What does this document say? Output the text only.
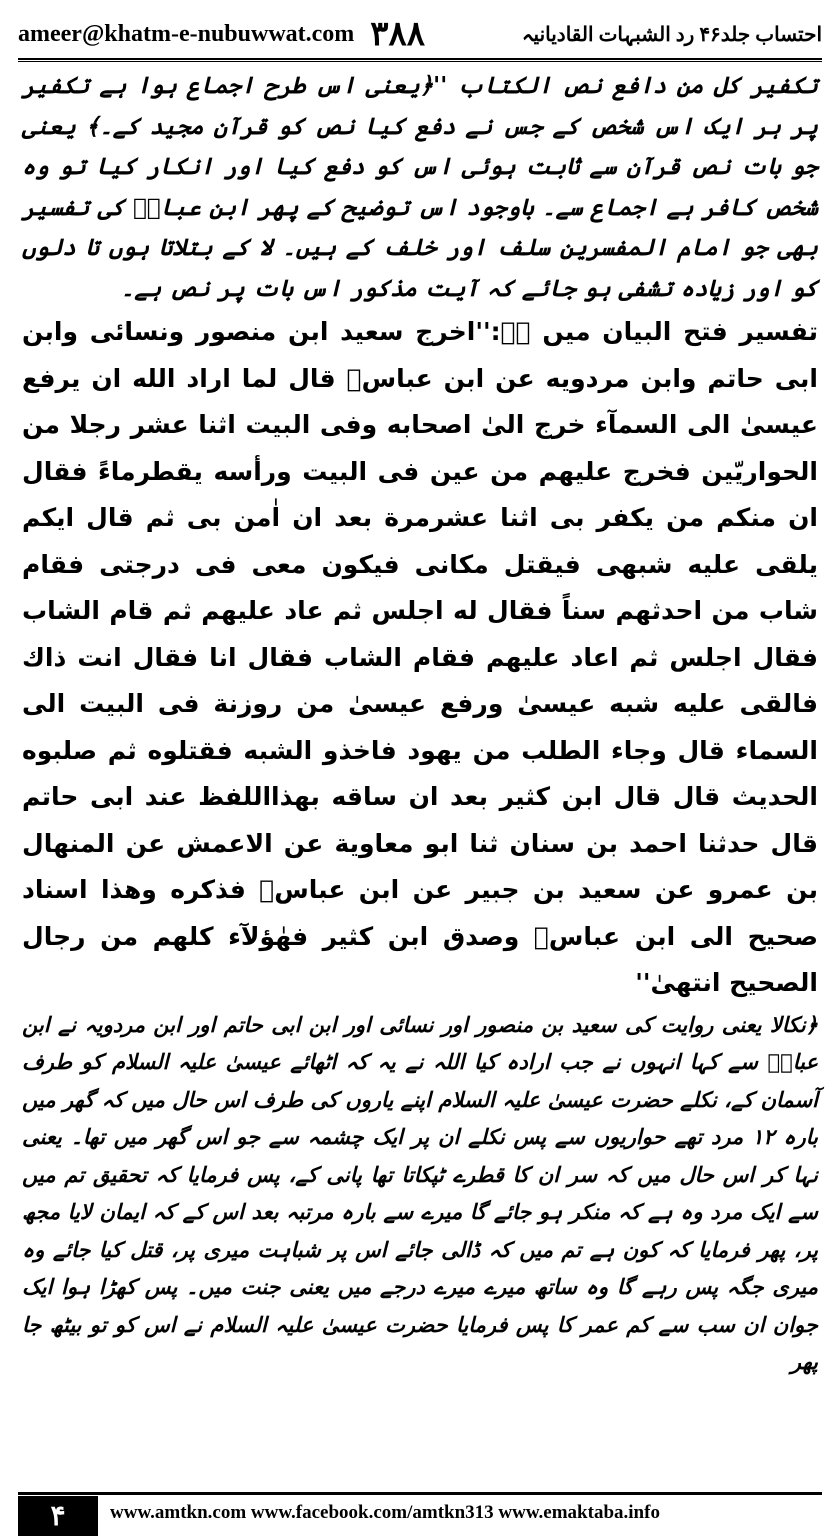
ameer@khatm-e-nubuwwat.com ۳۸۸	احتساب جلد۴۶ رد الشبہات القادیانیہ

تکفیر کل من دافع نص الکتاب ''﴿یعنی اس طرح اجماع ہوا ہے تکفیر پر ہر ایک اس شخص کے جس نے دفع کیا نص کو قرآن مجید کے۔﴾ یعنی جو بات نص قرآن سے ثابت ہوئی اس کو دفع کیا اور انکار کیا تو وہ شخص کافر ہے اجماع سے۔ باوجود اس توضیح کے پھر ابن عباسؓ کی تفسیر بھی جو امام المفسرین سلف اور خلف کے ہیں۔ لا کے بتلاتا ہوں تا دلوں کو اور زیادہ تشفی ہو جائے کہ آیت مذکور اس بات پر نص ہے۔

تفسیر فتح البیان میں ہے:''اخرج سعید ابن منصور ونسائی وابن ابی حاتم وابن مردویه عن ابن عباسؓ قال لما اراد الله ان یرفع عیسیٰ الی السمآء خرج الیٰ اصحابه وفی البیت اثنا عشر رجلا من الحواریّین فخرج علیهم من عین فی البیت ورأسه یقطرماءً فقال ان منکم من یکفر بی اثنا عشرمرة بعد ان اٰمن بی ثم قال ایکم یلقی علیه شبهی فیقتل مکانی فیکون معی فی درجتی فقام شاب من احدثهم سناً فقال له اجلس ثم عاد علیهم ثم قام الشاب فقال اجلس ثم اعاد علیهم فقام الشاب فقال انا فقال انت ذاك فالقی علیه شبه عیسیٰ ورفع عیسیٰ من روزنة فی البیت الی السماء قال وجاء الطلب من یهود فاخذو الشبه فقتلوه ثم صلبوه الحدیث قال قال ابن کثیر بعد ان ساقه بهذااللفظ عند ابی حاتم قال حدثنا احمد بن سنان ثنا ابو معاویة عن الاعمش عن المنهال بن عمرو عن سعید بن جبیر عن ابن عباسؓ فذکره وهذا اسناد صحیح الی ابن عباسؓ وصدق ابن کثیر فهٰؤلآء کلهم من رجال الصحیح انتهیٰ''

﴿نکالا یعنی روایت کی سعید بن منصور اور نسائی اور ابن ابی حاتم اور ابن مردویہ نے ابن عباسؓ سے کہا انہوں نے جب ارادہ کیا اللہ نے یہ کہ اٹھائے عیسیٰ علیہ السلام کو طرف آسمان کے، نکلے حضرت عیسیٰ علیہ السلام اپنے یاروں کی طرف اس حال میں کہ گھر میں بارہ ۱۲ مرد تھے حواریوں سے پس نکلے ان پر ایک چشمہ سے جو اس گھر میں تھا۔ یعنی نہا کر اس حال میں کہ سر ان کا قطرے ٹپکاتا تھا پانی کے، پس فرمایا کہ تحقیق تم میں سے ایک مرد وہ ہے کہ منکر ہو جائے گا میرے سے بارہ مرتبہ بعد اس کے کہ ایمان لایا مجھ پر، پھر فرمایا کہ کون ہے تم میں کہ ڈالی جائے اس پر شباہت میری پر، قتل کیا جائے وہ میری جگہ پس رہے گا وہ ساتھ میرے میرے درجے میں یعنی جنت میں۔ پس کھڑا ہوا ایک جوان ان سب سے کم عمر کا پس فرمایا حضرت عیسیٰ علیہ السلام نے اس کو تو بیٹھ جا پھر

۴	www.amtkn.com www.facebook.com/amtkn313 www.emaktaba.info
